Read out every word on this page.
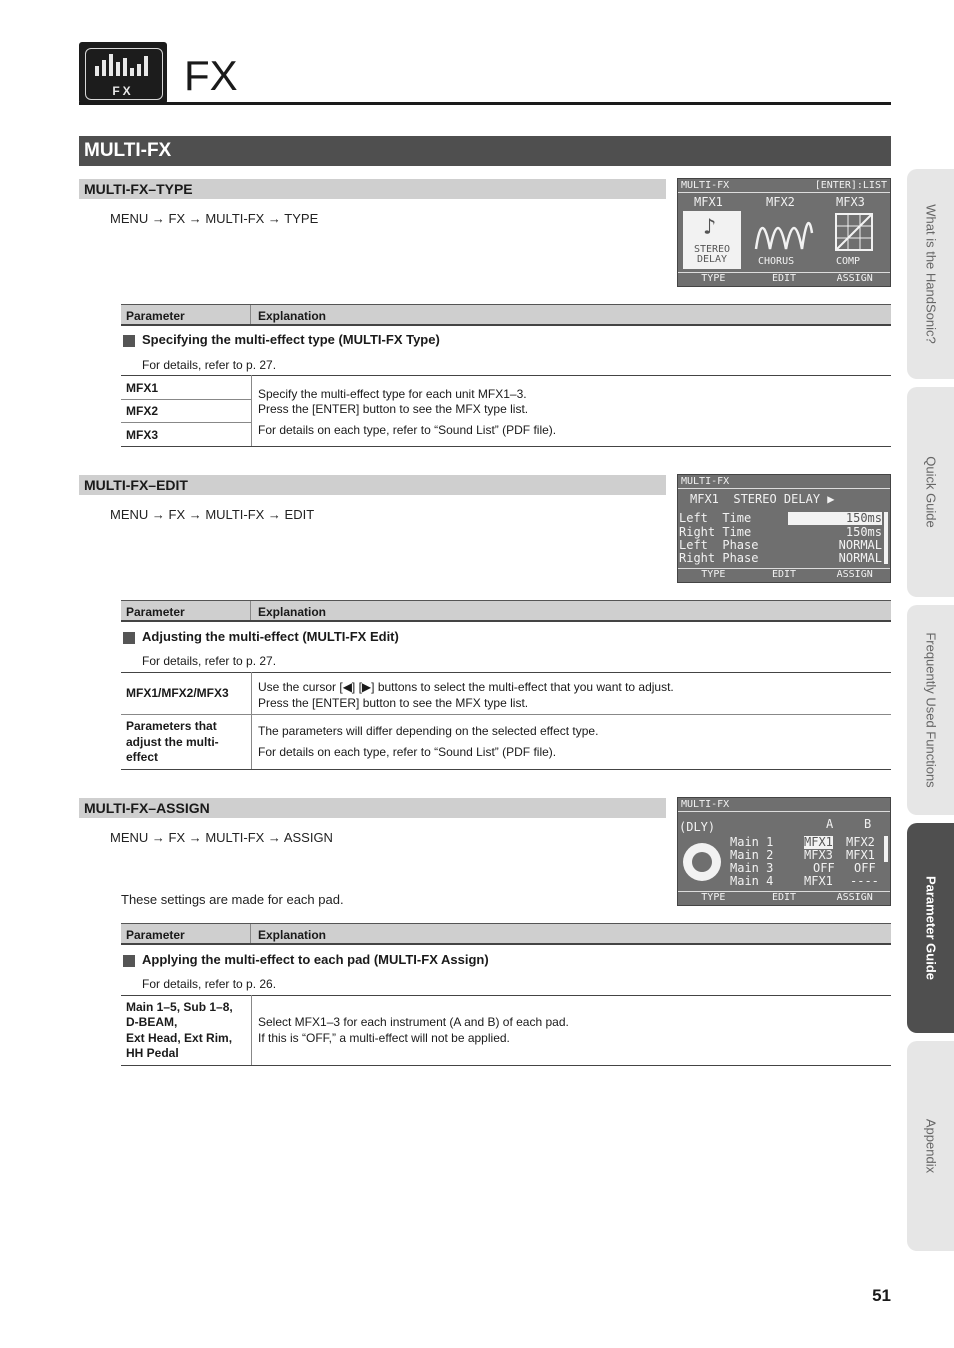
FX	FX
MULTI-FX
MULTI-FX–TYPE
MENU → FX → MULTI-FX → TYPE
MULTI-FX	[ENTER]:LIST
MFX1	MFX2	MFX3
♪
STEREO
DELAY	CHORUS	COMP
TYPE	EDIT	ASSIGN
Parameter	Explanation
Specifying the multi-effect type (MULTI-FX Type)
For details, refer to p. 27.
MFX1
MFX2
MFX3
Specify the multi-effect type for each unit MFX1–3.
Press the [ENTER] button to see the MFX type list.
For details on each type, refer to “Sound List” (PDF file).
MULTI-FX–EDIT
MENU → FX → MULTI-FX → EDIT
MULTI-FX
MFX1  STEREO DELAY ▶
Left  Time	150ms
Right Time	150ms
Left  Phase	NORMAL
Right Phase	NORMAL
TYPE	EDIT	ASSIGN
Parameter	Explanation
Adjusting the multi-effect (MULTI-FX Edit)
For details, refer to p. 27.
MFX1/MFX2/MFX3 Use the cursor [◀] [▶] buttons to select the multi-effect that you want to adjust.
Press the [ENTER] button to see the MFX type list.
Parameters that
adjust the multi-
effect
The parameters will differ depending on the selected effect type.
For details on each type, refer to “Sound List” (PDF file).
MULTI-FX–ASSIGN
MENU → FX → MULTI-FX → ASSIGN
These settings are made for each pad.
MULTI-FX
A	B
(DLY)
Main 1	MFX1 MFX2
Main 2	MFX3 MFX1
Main 3	OFF OFF
Main 4	MFX1 ----
TYPE	EDIT	ASSIGN
Parameter	Explanation
Applying the multi-effect to each pad (MULTI-FX Assign)
For details, refer to p. 26.
Main 1–5, Sub 1–8,
D-BEAM,
Ext Head, Ext Rim,
HH Pedal
Select MFX1–3 for each instrument (A and B) of each pad.
If this is “OFF,” a multi-effect will not be applied.
What is the HandSonic?
Quick Guide
Frequently Used Functions
Parameter Guide
Appendix
51
